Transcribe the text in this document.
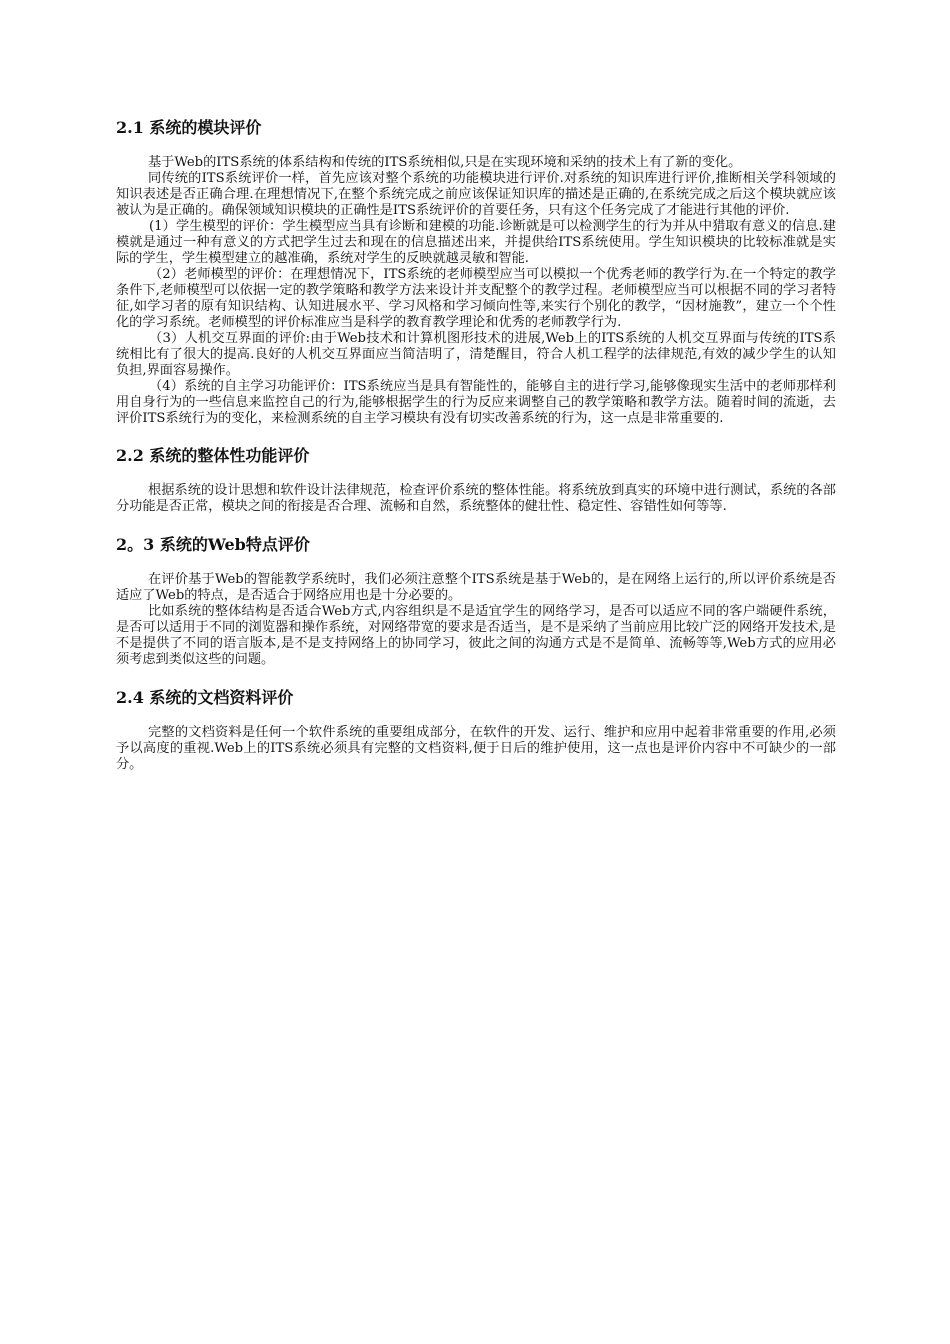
2.1 系统的模块评价

基于Web的ITS系统的体系结构和传统的ITS系统相似,只是在实现环境和采纳的技术上有了新的变化。

同传统的ITS系统评价一样，首先应该对整个系统的功能模块进行评价.对系统的知识库进行评价,推断相关学科领域的知识表述是否正确合理.在理想情况下,在整个系统完成之前应该保证知识库的描述是正确的,在系统完成之后这个模块就应该被认为是正确的。确保领域知识模块的正确性是ITS系统评价的首要任务，只有这个任务完成了才能进行其他的评价.

(1）学生模型的评价：学生模型应当具有诊断和建模的功能.诊断就是可以检测学生的行为并从中猎取有意义的信息.建模就是通过一种有意义的方式把学生过去和现在的信息描述出来，并提供给ITS系统使用。学生知识模块的比较标准就是实际的学生，学生模型建立的越准确，系统对学生的反映就越灵敏和智能.

（2）老师模型的评价：在理想情况下，ITS系统的老师模型应当可以模拟一个优秀老师的教学行为.在一个特定的教学条件下,老师模型可以依据一定的教学策略和教学方法来设计并支配整个的教学过程。老师模型应当可以根据不同的学习者特征,如学习者的原有知识结构、认知进展水平、学习风格和学习倾向性等,来实行个别化的教学，“因材施教”，建立一个个性化的学习系统。老师模型的评价标准应当是科学的教育教学理论和优秀的老师教学行为.

（3）人机交互界面的评价:由于Web技术和计算机图形技术的进展,Web上的ITS系统的人机交互界面与传统的ITS系统相比有了很大的提高.良好的人机交互界面应当简洁明了，清楚醒目，符合人机工程学的法律规范,有效的减少学生的认知负担,界面容易操作。

（4）系统的自主学习功能评价：ITS系统应当是具有智能性的，能够自主的进行学习,能够像现实生活中的老师那样利用自身行为的一些信息来监控自己的行为,能够根据学生的行为反应来调整自己的教学策略和教学方法。随着时间的流逝，去评价ITS系统行为的变化，来检测系统的自主学习模块有没有切实改善系统的行为，这一点是非常重要的.

2.2 系统的整体性功能评价

根据系统的设计思想和软件设计法律规范，检查评价系统的整体性能。将系统放到真实的环境中进行测试，系统的各部分功能是否正常，模块之间的衔接是否合理、流畅和自然，系统整体的健壮性、稳定性、容错性如何等等.

2。3 系统的Web特点评价

在评价基于Web的智能教学系统时，我们必须注意整个ITS系统是基于Web的，是在网络上运行的,所以评价系统是否适应了Web的特点，是否适合于网络应用也是十分必要的。

比如系统的整体结构是否适合Web方式,内容组织是不是适宜学生的网络学习，是否可以适应不同的客户端硬件系统，是否可以适用于不同的浏览器和操作系统，对网络带宽的要求是否适当，是不是采纳了当前应用比较广泛的网络开发技术,是不是提供了不同的语言版本,是不是支持网络上的协同学习，彼此之间的沟通方式是不是简单、流畅等等,Web方式的应用必须考虑到类似这些的问题。

2.4 系统的文档资料评价

完整的文档资料是任何一个软件系统的重要组成部分，在软件的开发、运行、维护和应用中起着非常重要的作用,必须予以高度的重视.Web上的ITS系统必须具有完整的文档资料,便于日后的维护使用，这一点也是评价内容中不可缺少的一部分。
